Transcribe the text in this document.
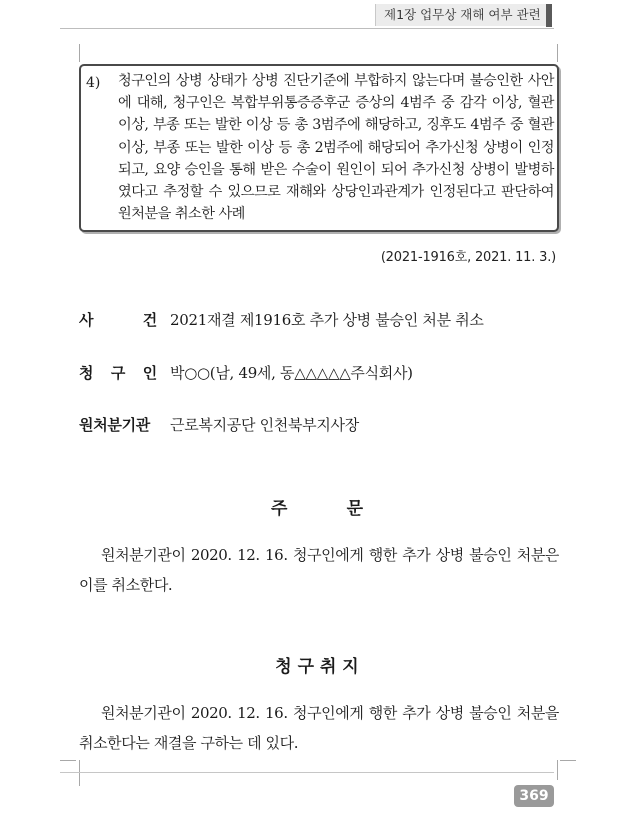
제1장 업무상 재해 여부 관련
4) 청구인의 상병 상태가 상병 진단기준에 부합하지 않는다며 불승인한 사안에 대해, 청구인은 복합부위통증증후군 증상의 4범주 중 감각 이상, 혈관 이상, 부종 또는 발한 이상 등 총 3범주에 해당하고, 징후도 4범주 중 혈관 이상, 부종 또는 발한 이상 등 총 2범주에 해당되어 추가신청 상병이 인정되고, 요양 승인을 통해 받은 수술이 원인이 되어 추가신청 상병이 발병하였다고 추정할 수 있으므로 재해와 상당인과관계가 인정된다고 판단하여 원처분을 취소한 사례
(2021-1916호, 2021. 11. 3.)
사	건 2021재결 제1916호 추가 상병 불승인 처분 취소
청 구 인 박○○(남, 49세, 동△△△△△주식회사)
원처분기관 근로복지공단 인천북부지사장
주          문
원처분기관이 2020. 12. 16. 청구인에게 행한 추가 상병 불승인 처분은 이를 취소한다.
청 구 취 지
원처분기관이 2020. 12. 16. 청구인에게 행한 추가 상병 불승인 처분을 취소한다는 재결을 구하는 데 있다.
369
